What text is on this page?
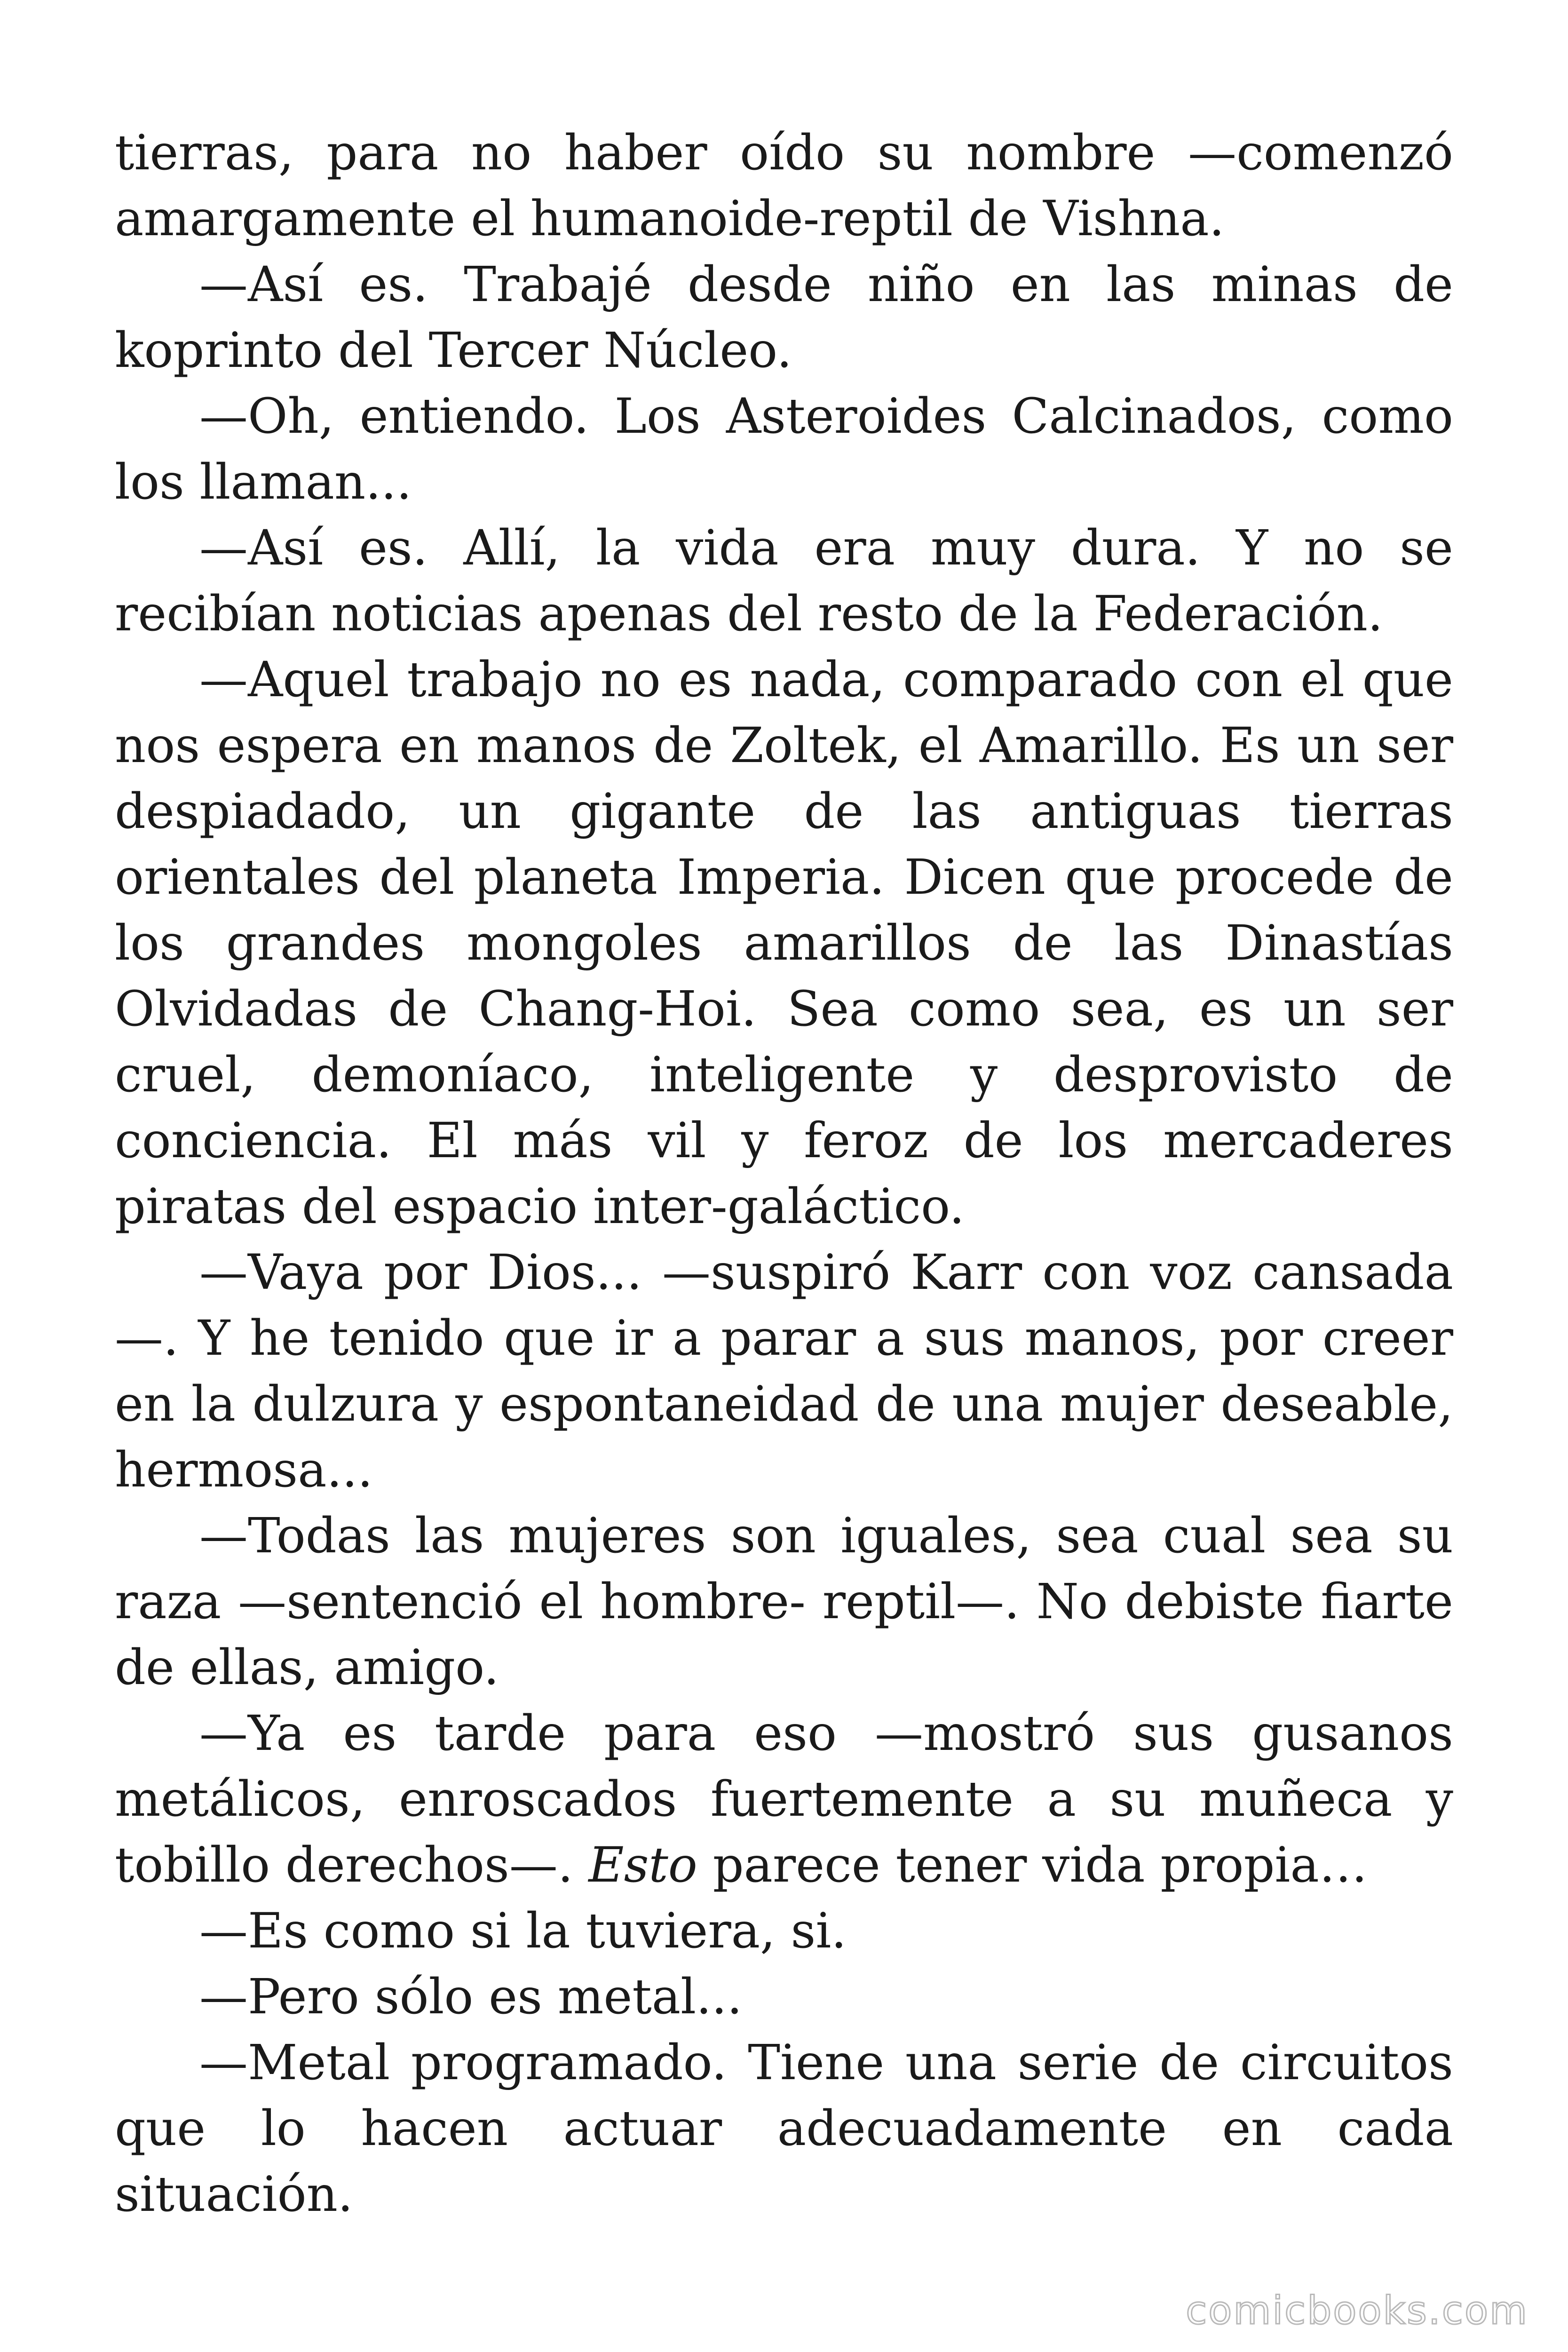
tierras, para no haber oído su nombre —comenzó amargamente el humanoide-reptil de Vishna.

—Así es. Trabajé desde niño en las minas de koprinto del Tercer Núcleo.

—Oh, entiendo. Los Asteroides Calcinados, como los llaman...

—Así es. Allí, la vida era muy dura. Y no se recibían noticias apenas del resto de la Federación.

—Aquel trabajo no es nada, comparado con el que nos espera en manos de Zoltek, el Amarillo. Es un ser despiadado, un gigante de las antiguas tierras orientales del planeta Imperia. Dicen que procede de los grandes mongoles amarillos de las Dinastías Olvidadas de Chang-Hoi. Sea como sea, es un ser cruel, demoníaco, inteligente y desprovisto de conciencia. El más vil y feroz de los mercaderes piratas del espacio inter-galáctico.

—Vaya por Dios... —suspiró Karr con voz cansada —. Y he tenido que ir a parar a sus manos, por creer en la dulzura y espontaneidad de una mujer deseable, hermosa...

—Todas las mujeres son iguales, sea cual sea su raza —sentenció el hombre- reptil—. No debiste fiarte de ellas, amigo.

—Ya es tarde para eso —mostró sus gusanos metálicos, enroscados fuertemente a su muñeca y tobillo derechos—. Esto parece tener vida propia…

—Es como si la tuviera, si.

—Pero sólo es metal...

—Metal programado. Tiene una serie de circuitos que lo hacen actuar adecuadamente en cada situación.

comicbooks.com
